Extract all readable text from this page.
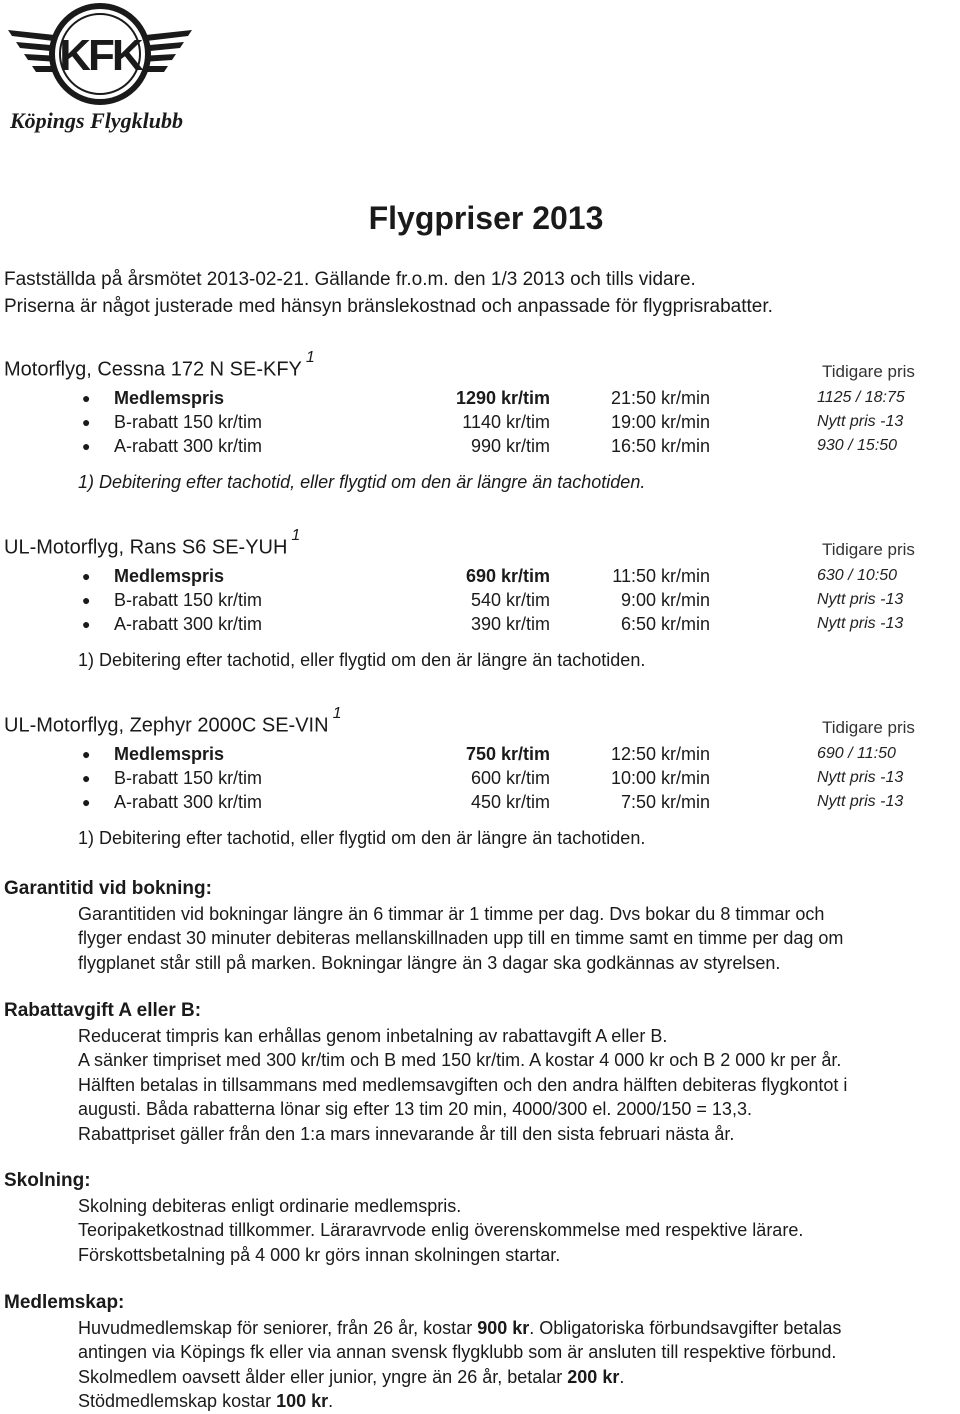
KFK
Köpings Flygklubb
Flygpriser 2013
Fastställda på årsmötet 2013-02-21. Gällande fr.o.m. den 1/3 2013 och tills vidare.
Priserna är något justerade med hänsyn bränslekostnad och anpassade för flygprisrabatter.
Motorflyg, Cessna 172 N SE-KFY$^1$
Tidigare pris
● Medlemspris	1290 kr/tim	21:50 kr/min	1125 / 18:75
● B-rabatt 150 kr/tim	1140 kr/tim	19:00 kr/min	Nytt pris -13
● A-rabatt 300 kr/tim	990 kr/tim	16:50 kr/min	930 / 15:50
1) Debitering efter tachotid, eller flygtid om den är längre än tachotiden.
UL-Motorflyg, Rans S6 SE-YUH$^1$
Tidigare pris
● Medlemspris	690 kr/tim	11:50 kr/min	630 / 10:50
● B-rabatt 150 kr/tim	540 kr/tim	9:00 kr/min	Nytt pris -13
● A-rabatt 300 kr/tim	390 kr/tim	6:50 kr/min	Nytt pris -13
1) Debitering efter tachotid, eller flygtid om den är längre än tachotiden.
UL-Motorflyg, Zephyr 2000C SE-VIN$^1$
Tidigare pris
● Medlemspris	750 kr/tim	12:50 kr/min	690 / 11:50
● B-rabatt 150 kr/tim	600 kr/tim	10:00 kr/min	Nytt pris -13
● A-rabatt 300 kr/tim	450 kr/tim	7:50 kr/min	Nytt pris -13
1) Debitering efter tachotid, eller flygtid om den är längre än tachotiden.
Garantitid vid bokning:
Garantitiden vid bokningar längre än 6 timmar är 1 timme per dag. Dvs bokar du 8 timmar och
flyger endast 30 minuter debiteras mellanskillnaden upp till en timme samt en timme per dag om
flygplanet står still på marken. Bokningar längre än 3 dagar ska godkännas av styrelsen.
Rabattavgift A eller B:
Reducerat timpris kan erhållas genom inbetalning av rabattavgift A eller B.
A sänker timpriset med 300 kr/tim och B med 150 kr/tim. A kostar 4 000 kr och B 2 000 kr per år.
Hälften betalas in tillsammans med medlemsavgiften och den andra hälften debiteras flygkontot i
augusti. Båda rabatterna lönar sig efter 13 tim 20 min, 4000/300 el. 2000/150 = 13,3.
Rabattpriset gäller från den 1:a mars innevarande år till den sista februari nästa år.
Skolning:
Skolning debiteras enligt ordinarie medlemspris.
Teoripaketkostnad tillkommer. Läraravrvode enlig överenskommelse med respektive lärare.
Förskottsbetalning på 4 000 kr görs innan skolningen startar.
Medlemskap:
Huvudmedlemskap för seniorer, från 26 år, kostar 900 kr. Obligatoriska förbundsavgifter betalas
antingen via Köpings fk eller via annan svensk flygklubb som är ansluten till respektive förbund.
Skolmedlem oavsett ålder eller junior, yngre än 26 år, betalar 200 kr.
Stödmedlemskap kostar 100 kr.
